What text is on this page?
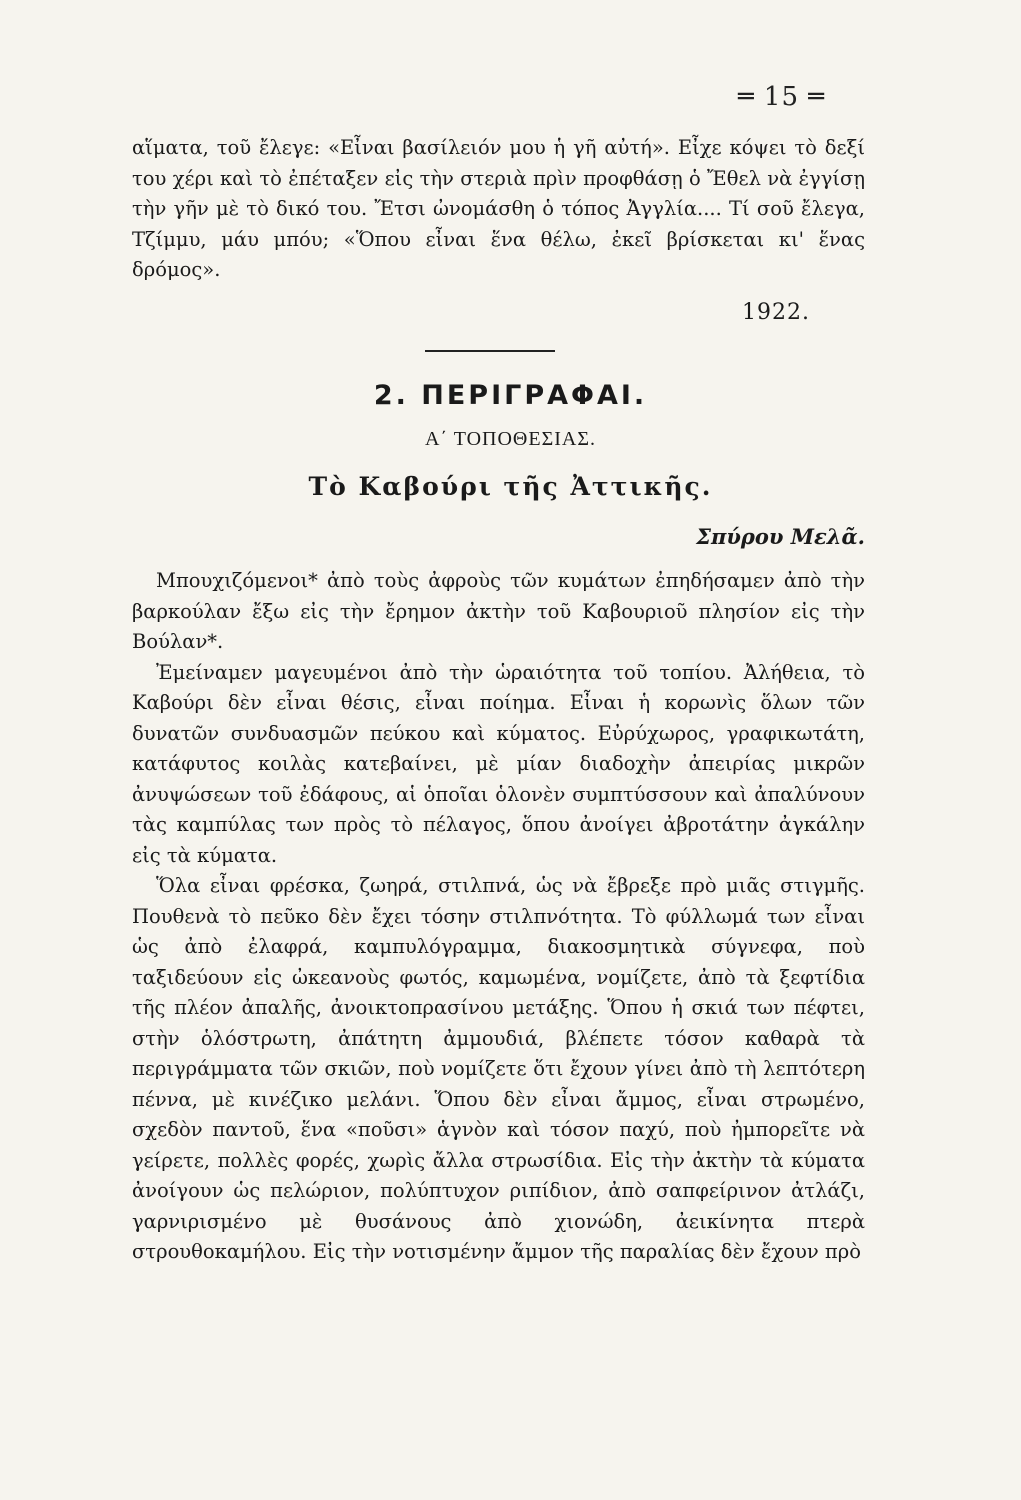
═ 15 ═

αἵματα, τοῦ ἔλεγε: «Εἶναι βασίλειόν μου ἡ γῆ αὐτή». Εἶχε κόψει τὸ δεξί του χέρι καὶ τὸ ἐπέταξεν εἰς τὴν στεριὰ πρὶν προφθάσῃ ὁ Ἔθελ νὰ ἐγγίσῃ τὴν γῆν μὲ τὸ δικό του. Ἔτσι ὠνομάσθη ὁ τόπος Ἀγγλία.... Τί σοῦ ἔλεγα, Τζίμμυ, μάυ μπόυ; «Ὅπου εἶναι ἕνα θέλω, ἐκεῖ βρίσκεται κι' ἕνας δρόμος».

1922.
2. ΠΕΡΙΓΡΑΦΑΙ.
Α΄ ΤΟΠΟΘΕΣΙΑΣ.
Τὸ Καβούρι τῆς Ἀττικῆς.
Σπύρου Μελᾶ.

Μπουχιζόμενοι* ἀπὸ τοὺς ἀφροὺς τῶν κυμάτων ἐπηδήσαμεν ἀπὸ τὴν βαρκούλαν ἔξω εἰς τὴν ἔρημον ἀκτὴν τοῦ Καβουριοῦ πλησίον εἰς τὴν Βούλαν*.

Ἐμείναμεν μαγευμένοι ἀπὸ τὴν ὡραιότητα τοῦ τοπίου. Ἀλήθεια, τὸ Καβούρι δὲν εἶναι θέσις, εἶναι ποίημα. Εἶναι ἡ κορωνὶς ὅλων τῶν δυνατῶν συνδυασμῶν πεύκου καὶ κύματος. Εὐρύχωρος, γραφικωτάτη, κατάφυτος κοιλὰς κατεβαίνει, μὲ μίαν διαδοχὴν ἀπειρίας μικρῶν ἀνυψώσεων τοῦ ἐδάφους, αἱ ὁποῖαι ὁλονὲν συμπτύσσουν καὶ ἀπαλύνουν τὰς καμπύλας των πρὸς τὸ πέλαγος, ὅπου ἀνοίγει ἀβροτάτην ἀγκάλην εἰς τὰ κύματα.

Ὅλα εἶναι φρέσκα, ζωηρά, στιλπνά, ὡς νὰ ἔβρεξε πρὸ μιᾶς στιγμῆς. Πουθενὰ τὸ πεῦκο δὲν ἔχει τόσην στιλπνότητα. Τὸ φύλλωμά των εἶναι ὡς ἀπὸ ἐλαφρά, καμπυλόγραμμα, διακοσμητικὰ σύγνεφα, ποὺ ταξιδεύουν εἰς ὠκεανοὺς φωτός, καμωμένα, νομίζετε, ἀπὸ τὰ ξεφτίδια τῆς πλέον ἀπαλῆς, ἀνοικτοπρασίνου μετάξης. Ὅπου ἡ σκιά των πέφτει, στὴν ὁλόστρωτη, ἀπάτητη ἀμμουδιά, βλέπετε τόσον καθαρὰ τὰ περιγράμματα τῶν σκιῶν, ποὺ νομίζετε ὅτι ἔχουν γίνει ἀπὸ τὴ λεπτότερη πέννα, μὲ κινέζικο μελάνι. Ὅπου δὲν εἶναι ἄμμος, εἶναι στρωμένο, σχεδὸν παντοῦ, ἕνα «ποῦσι» ἁγνὸν καὶ τόσον παχύ, ποὺ ἠμπορεῖτε νὰ γείρετε, πολλὲς φορές, χωρὶς ἄλλα στρωσίδια. Εἰς τὴν ἀκτὴν τὰ κύματα ἀνοίγουν ὡς πελώριον, πολύπτυχον ριπίδιον, ἀπὸ σαπφείρινον ἀτλάζι, γαρνιρισμένο μὲ θυσάνους ἀπὸ χιονώδη, ἀεικίνητα πτερὰ στρουθοκαμήλου. Εἰς τὴν νοτισμένην ἄμμον τῆς παραλίας δὲν ἔχουν πρὸ
